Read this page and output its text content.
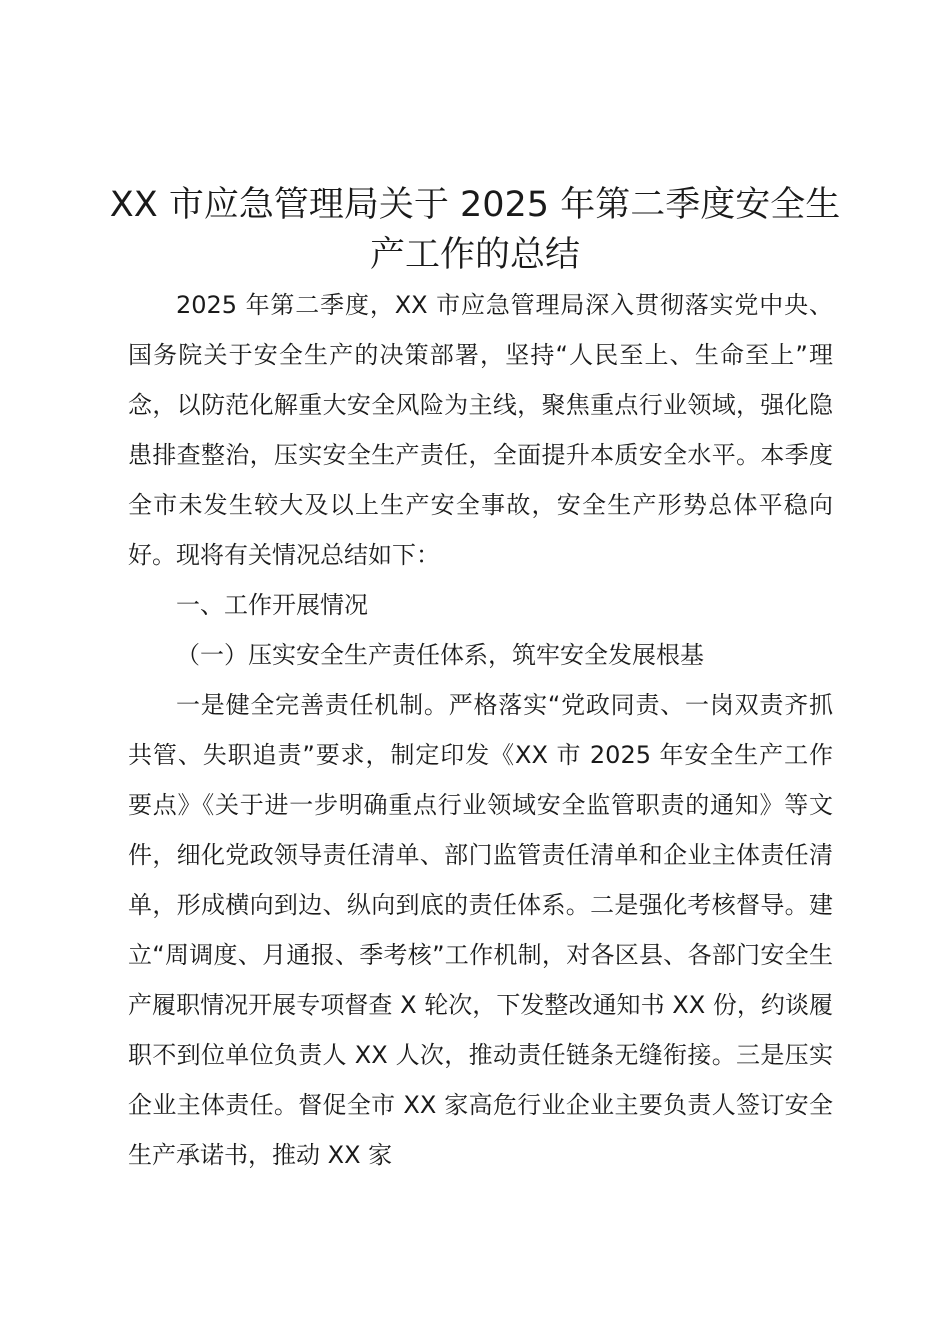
XX 市应急管理局关于 2025 年第二季度安全生产工作的总结

2025 年第二季度，XX 市应急管理局深入贯彻落实党中央、国务院关于安全生产的决策部署，坚持“人民至上、生命至上”理念，以防范化解重大安全风险为主线，聚焦重点行业领域，强化隐患排查整治，压实安全生产责任，全面提升本质安全水平。本季度全市未发生较大及以上生产安全事故，安全生产形势总体平稳向好。现将有关情况总结如下：

一、工作开展情况

（一）压实安全生产责任体系，筑牢安全发展根基

一是健全完善责任机制。严格落实“党政同责、一岗双责齐抓共管、失职追责”要求，制定印发《XX 市 2025 年安全生产工作要点》《关于进一步明确重点行业领域安全监管职责的通知》等文件，细化党政领导责任清单、部门监管责任清单和企业主体责任清单，形成横向到边、纵向到底的责任体系。二是强化考核督导。建立“周调度、月通报、季考核”工作机制，对各区县、各部门安全生产履职情况开展专项督查 X 轮次，下发整改通知书 XX 份，约谈履职不到位单位负责人 XX 人次，推动责任链条无缝衔接。三是压实企业主体责任。督促全市 XX 家高危行业企业主要负责人签订安全生产承诺书，推动 XX 家
